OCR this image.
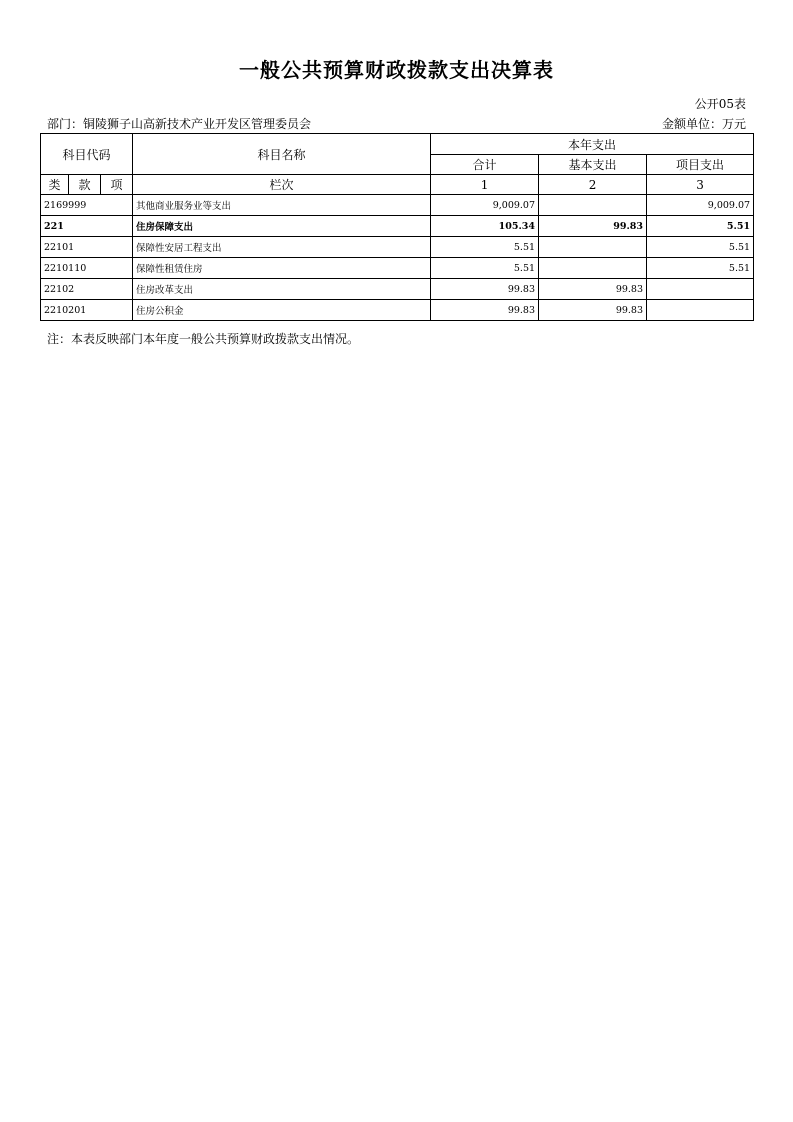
一般公共预算财政拨款支出决算表
公开05表
部门：铜陵狮子山高新技术产业开发区管理委员会	金额单位：万元
科目代码			科目名称	本年支出		
				合计	基本支出	项目支出
类	款	项	栏次	1	2	3
2169999			其他商业服务业等支出	9,009.07		9,009.07
221			住房保障支出	105.34	99.83	5.51
22101			保障性安居工程支出	5.51		5.51
2210110			保障性租赁住房	5.51		5.51
22102			住房改革支出	99.83	99.83	
2210201			住房公积金	99.83	99.83	
注：本表反映部门本年度一般公共预算财政拨款支出情况。
